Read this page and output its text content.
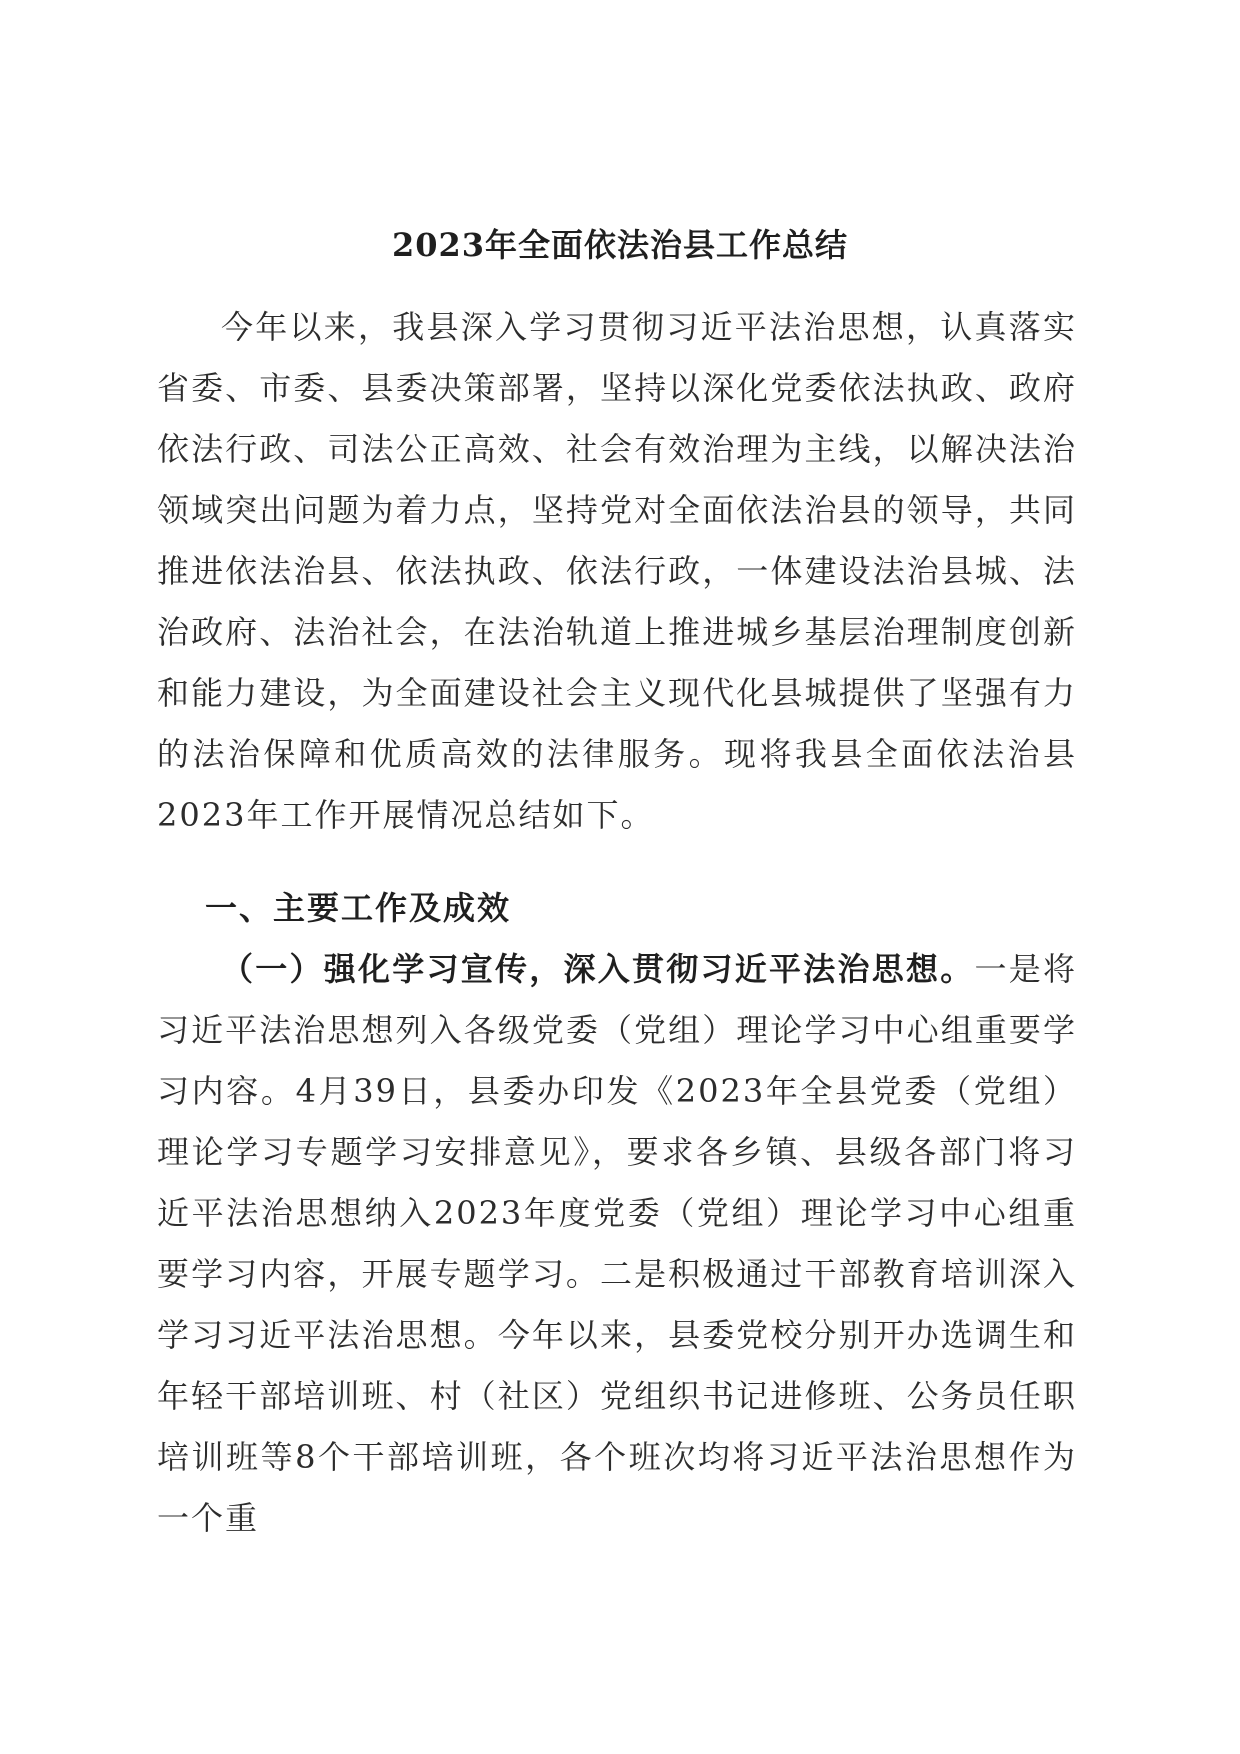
2023年全面依法治县工作总结
今年以来，我县深入学习贯彻习近平法治思想，认真落实省委、市委、县委决策部署，坚持以深化党委依法执政、政府依法行政、司法公正高效、社会有效治理为主线，以解决法治领域突出问题为着力点，坚持党对全面依法治县的领导，共同推进依法治县、依法执政、依法行政，一体建设法治县城、法治政府、法治社会，在法治轨道上推进城乡基层治理制度创新和能力建设，为全面建设社会主义现代化县城提供了坚强有力的法治保障和优质高效的法律服务。现将我县全面依法治县2023年工作开展情况总结如下。
一、主要工作及成效
（一）强化学习宣传，深入贯彻习近平法治思想。一是将习近平法治思想列入各级党委（党组）理论学习中心组重要学习内容。4月39日，县委办印发《2023年全县党委（党组）理论学习专题学习安排意见》，要求各乡镇、县级各部门将习近平法治思想纳入2023年度党委（党组）理论学习中心组重要学习内容，开展专题学习。二是积极通过干部教育培训深入学习习近平法治思想。今年以来，县委党校分别开办选调生和年轻干部培训班、村（社区）党组织书记进修班、公务员任职培训班等8个干部培训班，各个班次均将习近平法治思想作为一个重
